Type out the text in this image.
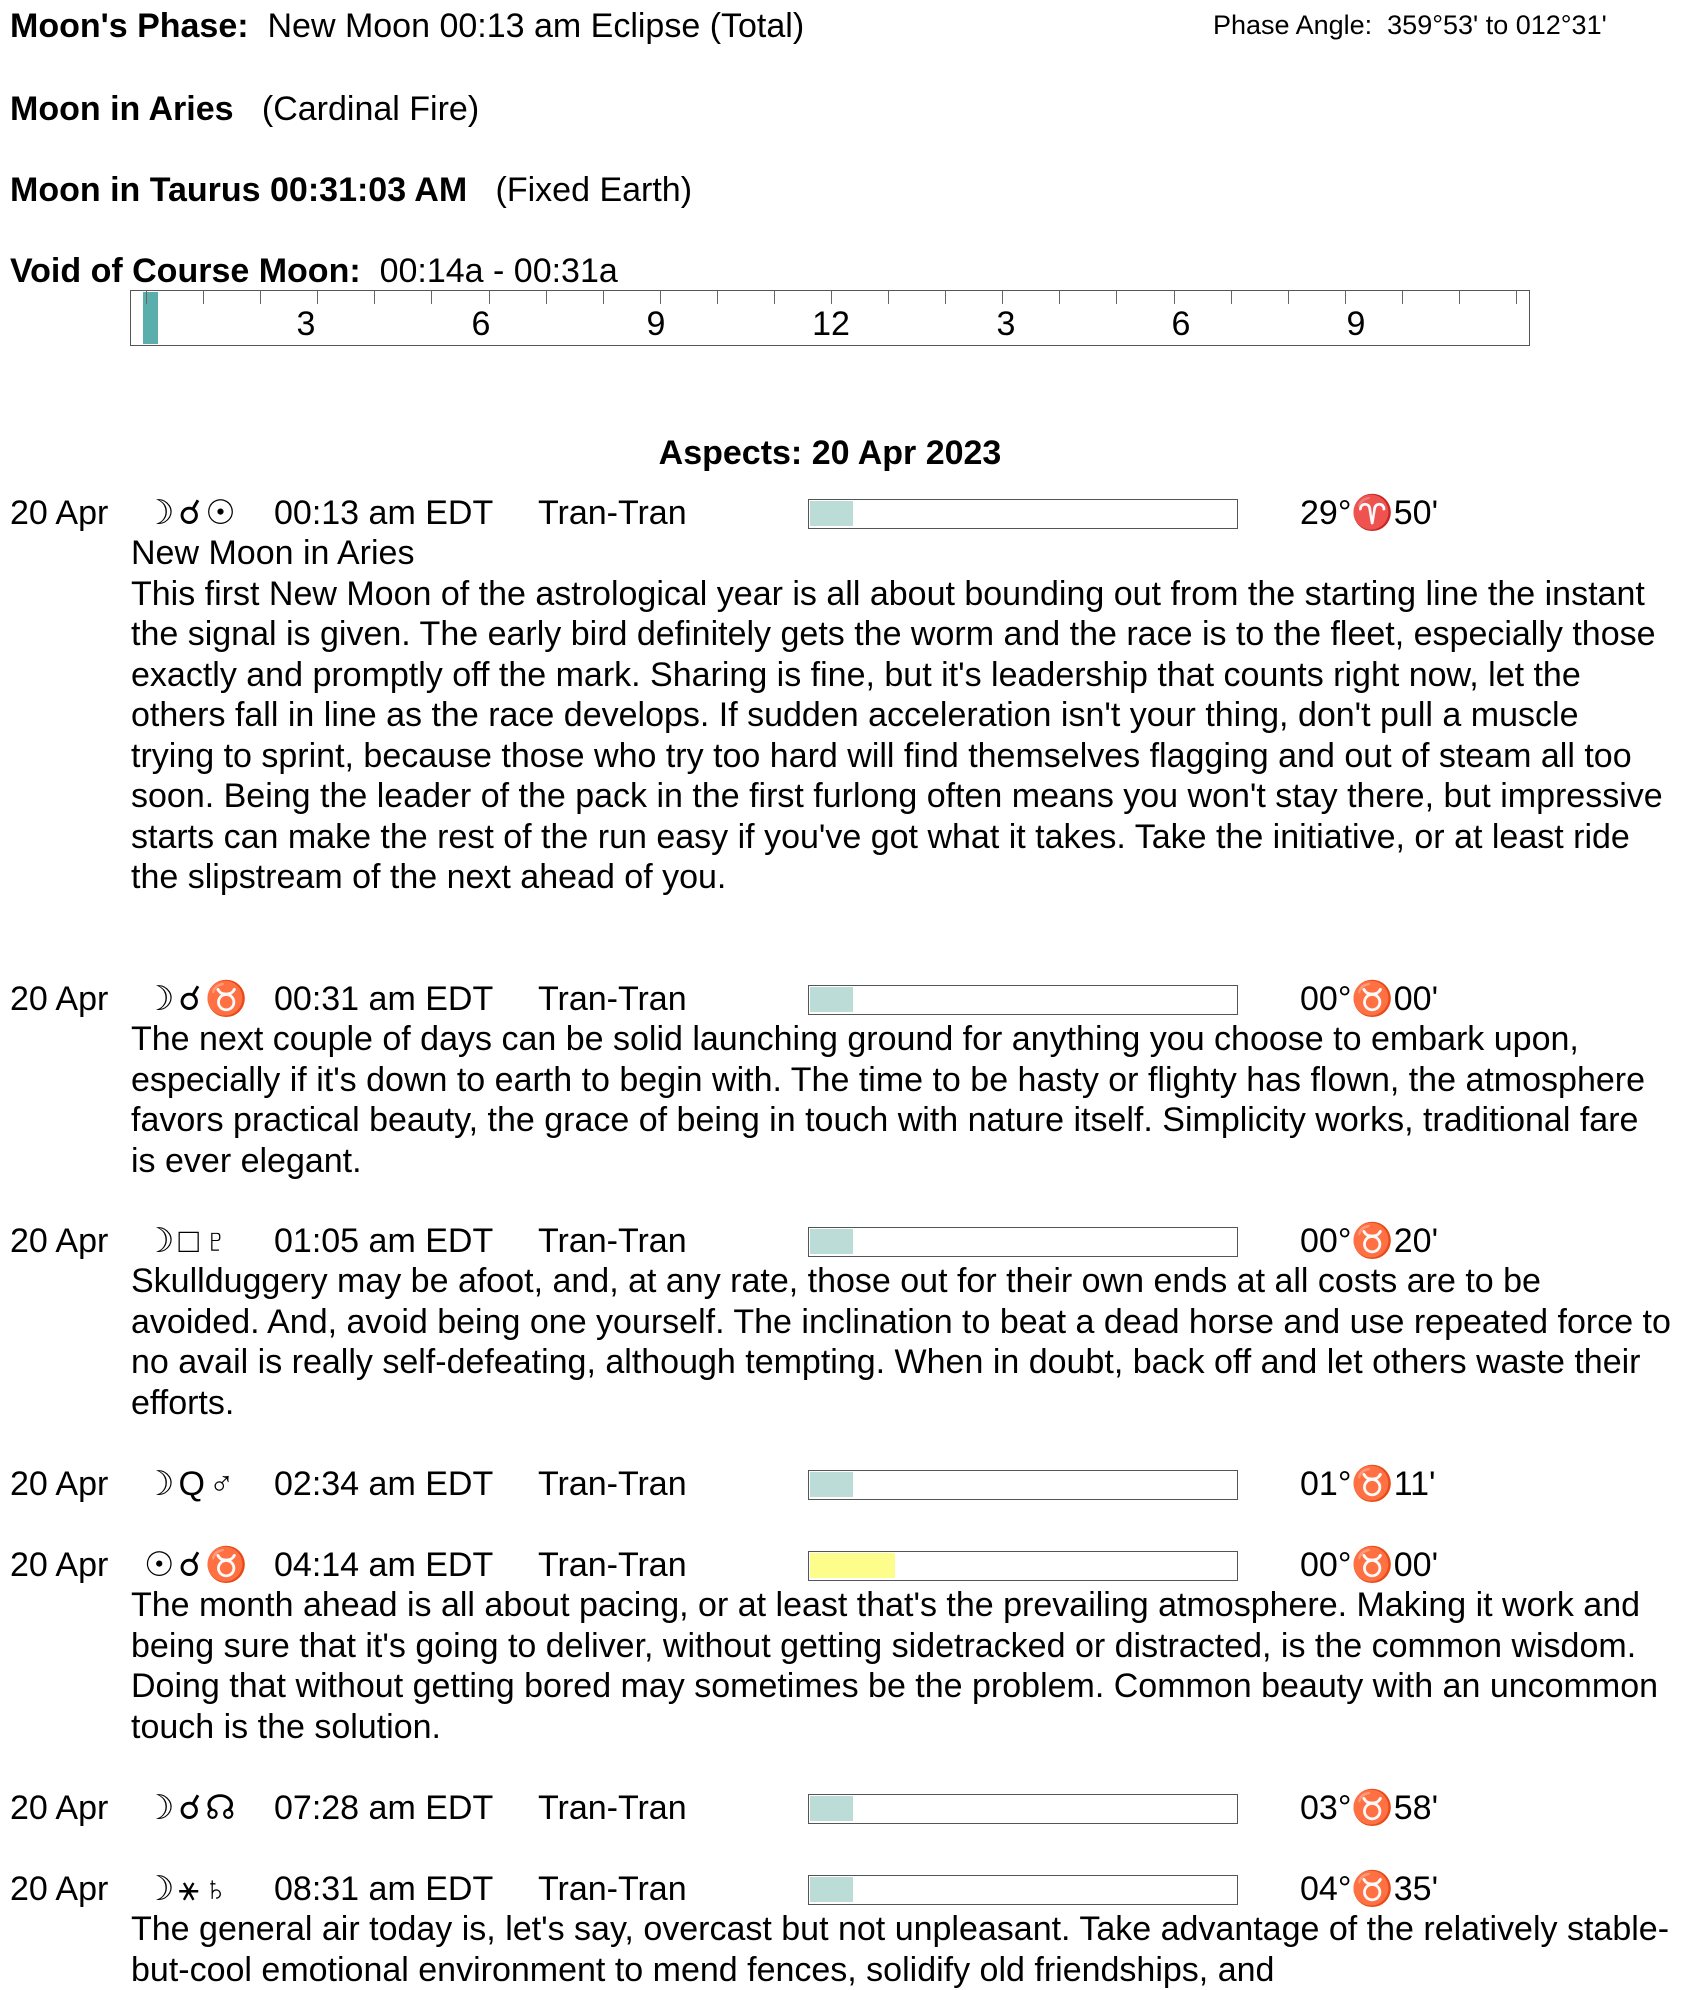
Moon's Phase: New Moon 00:13 am Eclipse (Total)	Phase Angle: 359°53' to 012°31'
Moon in Aries (Cardinal Fire)
Moon in Taurus 00:31:03 AM (Fixed Earth)
Void of Course Moon: 00:14a - 00:31a
3	6	9	12	3	6	9
Aspects: 20 Apr 2023
20 Apr ☽☌☉ 00:13 am EDT Tran-Tran	29°♈50'
New Moon in Aries
This first New Moon of the astrological year is all about bounding out from the starting line the instant the signal is given. The early bird definitely gets the worm and the race is to the fleet, especially those exactly and promptly off the mark. Sharing is fine, but it's leadership that counts right now, let the others fall in line as the race develops. If sudden acceleration isn't your thing, don't pull a muscle trying to sprint, because those who try too hard will find themselves flagging and out of steam all too soon. Being the leader of the pack in the first furlong often means you won't stay there, but impressive starts can make the rest of the run easy if you've got what it takes. Take the initiative, or at least ride the slipstream of the next ahead of you.
20 Apr ☽☌♉ 00:31 am EDT Tran-Tran	00°♉00'
The next couple of days can be solid launching ground for anything you choose to embark upon, especially if it's down to earth to begin with. The time to be hasty or flighty has flown, the atmosphere favors practical beauty, the grace of being in touch with nature itself. Simplicity works, traditional fare is ever elegant.
20 Apr ☽□♇ 01:05 am EDT Tran-Tran	00°♉20'
Skullduggery may be afoot, and, at any rate, those out for their own ends at all costs are to be avoided. And, avoid being one yourself. The inclination to beat a dead horse and use repeated force to no avail is really self-defeating, although tempting. When in doubt, back off and let others waste their efforts.
20 Apr ☽Q♂ 02:34 am EDT Tran-Tran	01°♉11'
20 Apr ☉☌♉ 04:14 am EDT Tran-Tran	00°♉00'
The month ahead is all about pacing, or at least that's the prevailing atmosphere. Making it work and being sure that it's going to deliver, without getting sidetracked or distracted, is the common wisdom. Doing that without getting bored may sometimes be the problem. Common beauty with an uncommon touch is the solution.
20 Apr ☽☌☊ 07:28 am EDT Tran-Tran	03°♉58'
20 Apr ☽⚹♄ 08:31 am EDT Tran-Tran	04°♉35'
The general air today is, let's say, overcast but not unpleasant. Take advantage of the relatively stable-but-cool emotional environment to mend fences, solidify old friendships, and
